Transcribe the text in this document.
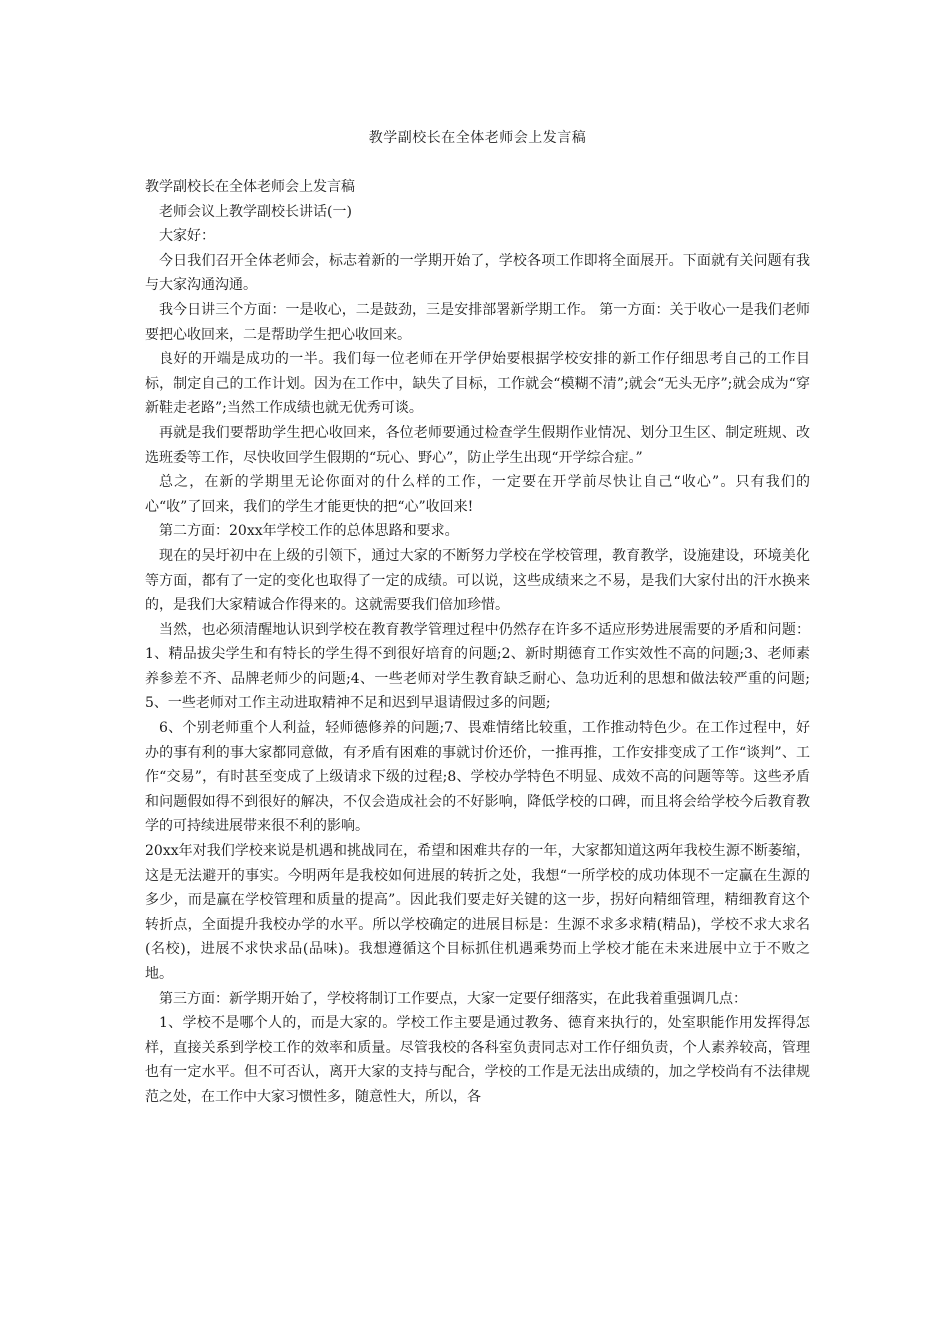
教学副校长在全体老师会上发言稿

教学副校长在全体老师会上发言稿

老师会议上教学副校长讲话(一)

大家好：

今日我们召开全体老师会，标志着新的一学期开始了，学校各项工作即将全面展开。下面就有关问题有我与大家沟通沟通。

我今日讲三个方面：一是收心，二是鼓劲，三是安排部署新学期工作。 第一方面：关于收心一是我们老师要把心收回来，二是帮助学生把心收回来。

良好的开端是成功的一半。我们每一位老师在开学伊始要根据学校安排的新工作仔细思考自己的工作目标，制定自己的工作计划。因为在工作中，缺失了目标，工作就会“模糊不清”;就会“无头无序”;就会成为“穿新鞋走老路”;当然工作成绩也就无优秀可谈。

再就是我们要帮助学生把心收回来，各位老师要通过检查学生假期作业情况、划分卫生区、制定班规、改选班委等工作，尽快收回学生假期的“玩心、野心”，防止学生出现“开学综合症。”

总之，在新的学期里无论你面对的什么样的工作，一定要在开学前尽快让自己“收心”。只有我们的心“收”了回来，我们的学生才能更快的把“心”收回来!

第二方面：20xx年学校工作的总体思路和要求。

现在的吴圩初中在上级的引领下，通过大家的不断努力学校在学校管理，教育教学，设施建设，环境美化等方面，都有了一定的变化也取得了一定的成绩。可以说，这些成绩来之不易，是我们大家付出的汗水换来的，是我们大家精诚合作得来的。这就需要我们倍加珍惜。

当然，也必须清醒地认识到学校在教育教学管理过程中仍然存在许多不适应形势进展需要的矛盾和问题：1、精品拔尖学生和有特长的学生得不到很好培育的问题;2、新时期德育工作实效性不高的问题;3、老师素养参差不齐、品牌老师少的问题;4、一些老师对学生教育缺乏耐心、急功近利的思想和做法较严重的问题;5、一些老师对工作主动进取精神不足和迟到早退请假过多的问题;

6、个别老师重个人利益，轻师德修养的问题;7、畏难情绪比较重，工作推动特色少。在工作过程中，好办的事有利的事大家都同意做，有矛盾有困难的事就讨价还价，一推再推，工作安排变成了工作“谈判”、工作“交易”，有时甚至变成了上级请求下级的过程;8、学校办学特色不明显、成效不高的问题等等。这些矛盾和问题假如得不到很好的解决，不仅会造成社会的不好影响，降低学校的口碑，而且将会给学校今后教育教学的可持续进展带来很不利的影响。

20xx年对我们学校来说是机遇和挑战同在，希望和困难共存的一年，大家都知道这两年我校生源不断萎缩，这是无法避开的事实。今明两年是我校如何进展的转折之处，我想“一所学校的成功体现不一定赢在生源的多少，而是赢在学校管理和质量的提高”。因此我们要走好关键的这一步，拐好向精细管理，精细教育这个转折点，全面提升我校办学的水平。所以学校确定的进展目标是：生源不求多求精(精品)，学校不求大求名(名校)，进展不求快求品(品味)。我想遵循这个目标抓住机遇乘势而上学校才能在未来进展中立于不败之地。

第三方面：新学期开始了，学校将制订工作要点，大家一定要仔细落实，在此我着重强调几点：

1、学校不是哪个人的，而是大家的。学校工作主要是通过教务、德育来执行的，处室职能作用发挥得怎样，直接关系到学校工作的效率和质量。尽管我校的各科室负责同志对工作仔细负责，个人素养较高，管理也有一定水平。但不可否认，离开大家的支持与配合，学校的工作是无法出成绩的，加之学校尚有不法律规范之处，在工作中大家习惯性多，随意性大，所以，各
